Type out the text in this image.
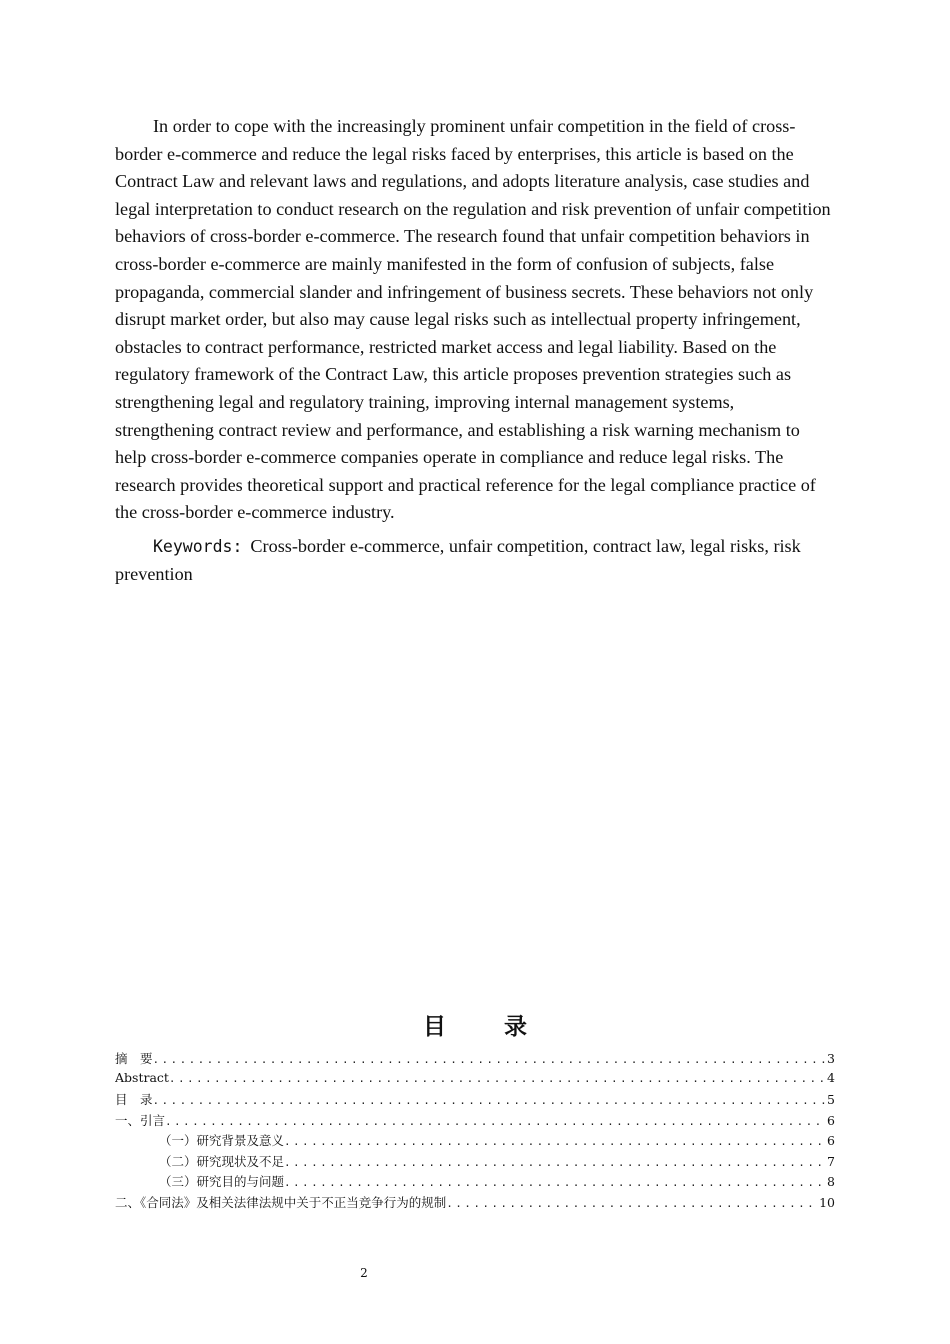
In order to cope with the increasingly prominent unfair competition in the field of cross-border e-commerce and reduce the legal risks faced by enterprises, this article is based on the Contract Law and relevant laws and regulations, and adopts literature analysis, case studies and legal interpretation to conduct research on the regulation and risk prevention of unfair competition behaviors of cross-border e-commerce. The research found that unfair competition behaviors in cross-border e-commerce are mainly manifested in the form of confusion of subjects, false propaganda, commercial slander and infringement of business secrets. These behaviors not only disrupt market order, but also may cause legal risks such as intellectual property infringement, obstacles to contract performance, restricted market access and legal liability. Based on the regulatory framework of the Contract Law, this article proposes prevention strategies such as strengthening legal and regulatory training, improving internal management systems, strengthening contract review and performance, and establishing a risk warning mechanism to help cross-border e-commerce companies operate in compliance and reduce legal risks. The research provides theoretical support and practical reference for the legal compliance practice of the cross-border e-commerce industry.

Keywords: Cross-border e-commerce, unfair competition, contract law, legal risks, risk prevention

目录
摘　要 .....	3
Abstract .....	4
目　录 .....	5
一、引言 .....	6
（一）研究背景及意义 .....	6
（二）研究现状及不足 .....	7
（三）研究目的与问题 .....	8
二、《合同法》及相关法律法规中关于不正当竞争行为的规制 .....	10

2
